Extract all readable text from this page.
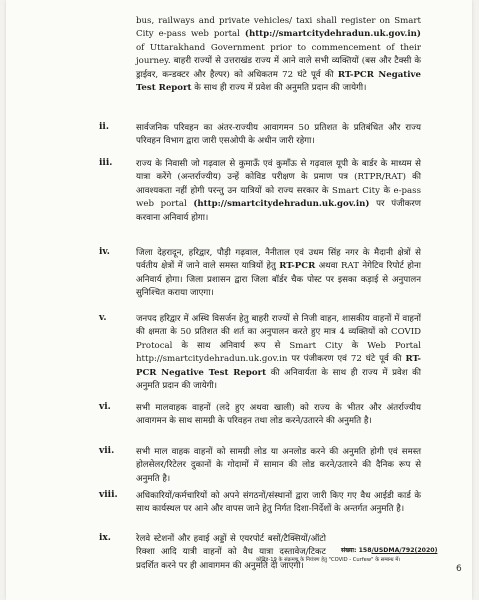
bus, railways and private vehicles/ taxi shall register on Smart City e-pass web portal (http://smartcitydehradun.uk.gov.in) of Uttarakhand Government prior to commencement of their journey. बाहरी राज्यों से उत्तराखंड राज्य में आने वाले सभी व्यक्तियों (बस और टैक्सी के ड्राईवर, कन्डक्टर और हैल्पर) को अधिकतम 72 घंटे पूर्व की RT-PCR Negative Test Report के साथ ही राज्य में प्रवेश की अनुमति प्रदान की जायेगी।
ii.	सार्वजनिक परिवहन का अंतर-राज्यीय आवागमन 50 प्रतिशत के प्रतिबंधित और राज्य परिवहन विभाग द्वारा जारी एसओपी के अधीन जारी रहेगा।
iii.	राज्य के निवासी जो गढ़वाल से कुमाऊँ एवं कुमाँऊ से गढ़वाल यूपी के बार्डर के माध्यम से यात्रा करेंगे (अन्तर्राज्यीय) उन्हें कोविड परीक्षण के प्रमाण पत्र (RTPR/RAT) की आवश्यकता नहीं होगी परन्तु उन यात्रियों को राज्य सरकार के Smart City के e-pass web portal (http://smartcitydehradun.uk.gov.in) पर पंजीकरण करवाना अनिवार्य होगा।
iv.	जिला देहरादून, हरिद्वार, पौड़ी गढ़वाल, नैनीताल एवं उधम सिंह नगर के मैदानी क्षेत्रों से पर्वतीय क्षेत्रों में जाने वाले समस्त यात्रियों हेतु RT-PCR अथवा RAT नेगेटिव रिपोर्ट होना अनिवार्य होगा। जिला प्रशासन द्वारा जिला बॉर्डर चैक पोस्ट पर इसका कड़ाई से अनुपालन सुनिश्चित कराया जाएगा।
v.	जनपद हरिद्वार में अस्थि विसर्जन हेतु बाहरी राज्यों से निजी वाहन, शासकीय वाहनों में वाहनों की क्षमता के 50 प्रतिशत की शर्त का अनुपालन करते हुए मात्र 4 व्यक्तियों को COVID Protocal के साथ अनिवार्य रूप से Smart City के Web Portal http://smartcitydehradun.uk.gov.in पर पंजीकरण एवं 72 घंटे पूर्व की RT-PCR Negative Test Report की अनिवार्यता के साथ ही राज्य में प्रवेश की अनुमति प्रदान की जायेगी।
vi.	सभी मालवाहक वाहनों (लदे हुए अथवा खाली) को राज्य के भीतर और अंतर्राज्यीय आवागमन के साथ सामग्री के परिवहन तथा लोड करने/उतारने की अनुमति है।
vii.	सभी माल वाहक वाहनों को सामग्री लोड या अनलोड करने की अनुमति होगी एवं समस्त होलसेलर/रिटेलर दुकानों के गोदामों में सामान की लोड करने/उतारने की दैनिक रूप से अनुमति है।
viii.	अधिकारियों/कर्मचारियों को अपने संगठनों/संस्थानों द्वारा जारी किए गए वैध आईडी कार्ड के साथ कार्यस्थल पर आने और वापस जाने हेतु निर्गत दिशा-निर्देशों के अन्तर्गत अनुमति है।
ix.	रेलवे स्टेशनों और हवाई अड्डों से एयरपोर्ट बसों/टैक्सियों/ऑटो रिक्शा आदि यात्री वाहनों को वैध यात्रा दस्तावेज/टिकट प्रदर्शित करने पर ही आवागमन की अनुमति दी जाएगी।
संख्या: 158/USDMA/792(2020)
कोविड-19 के संक्रमण के नियंत्रण हेतु "COVID - Curfew" के सम्बन्ध में।
6
